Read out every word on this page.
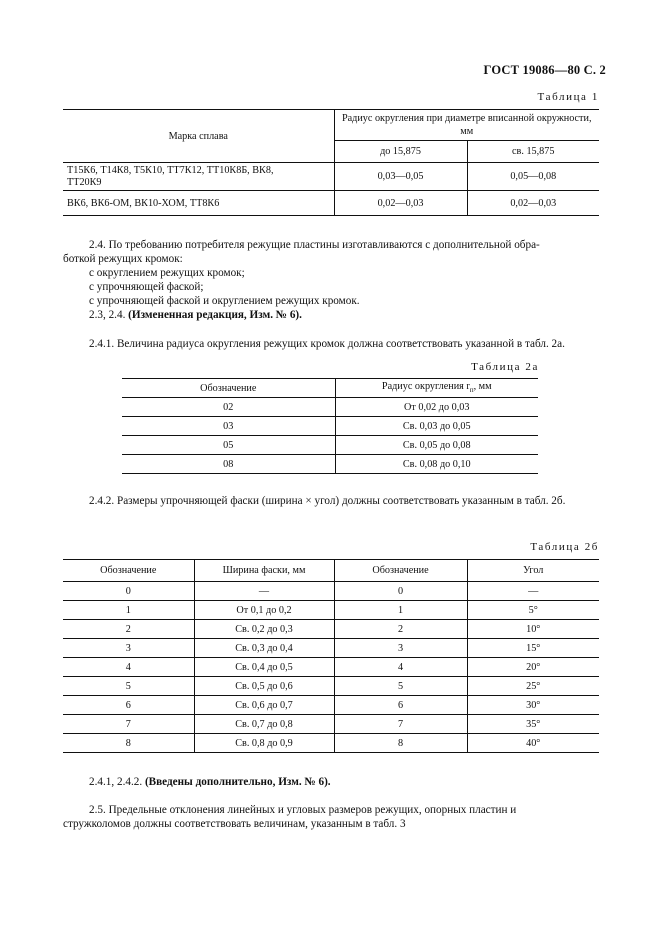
ГОСТ 19086—80 С. 2
Таблица 1
Марка сплава	Радиус округления при диаметре вписанной окружности, мм	
	до 15,875	св. 15,875
Т15К6, Т14К8, Т5К10, ТТ7К12, ТТ10К8Б, ВК8, ТТ20К9	0,03—0,05	0,05—0,08
ВК6, ВК6-ОМ, ВК10-ХОМ, ТТ8К6	0,02—0,03	0,02—0,03
2.4. По требованию потребителя режущие пластины изготавливаются с дополнительной обра-
боткой режущих кромок:
с округлением режущих кромок;
с упрочняющей фаской;
с упрочняющей фаской и округлением режущих кромок.
2.3, 2.4. (Измененная редакция, Изм. № 6).
2.4.1. Величина радиуса округления режущих кромок должна соответствовать указанной в табл. 2а.
Таблица 2а
Обозначение	Радиус округления $r_п$, мм
02	От 0,02 до 0,03
03	Св. 0,03 до 0,05
05	Св. 0,05 до 0,08
08	Св. 0,08 до 0,10
2.4.2. Размеры упрочняющей фаски (ширина × угол) должны соответствовать указанным в табл. 2б.
Таблица 2б
Обозначение	Ширина фаски, мм	Обозначение	Угол
0	—	0	—
1	От 0,1 до 0,2	1	5°
2	Св. 0,2 до 0,3	2	10°
3	Св. 0,3 до 0,4	3	15°
4	Св. 0,4 до 0,5	4	20°
5	Св. 0,5 до 0,6	5	25°
6	Св. 0,6 до 0,7	6	30°
7	Св. 0,7 до 0,8	7	35°
8	Св. 0,8 до 0,9	8	40°
2.4.1, 2.4.2. (Введены дополнительно, Изм. № 6).
2.5. Предельные отклонения линейных и угловых размеров режущих, опорных пластин и
стружколомов должны соответствовать величинам, указанным в табл. 3
